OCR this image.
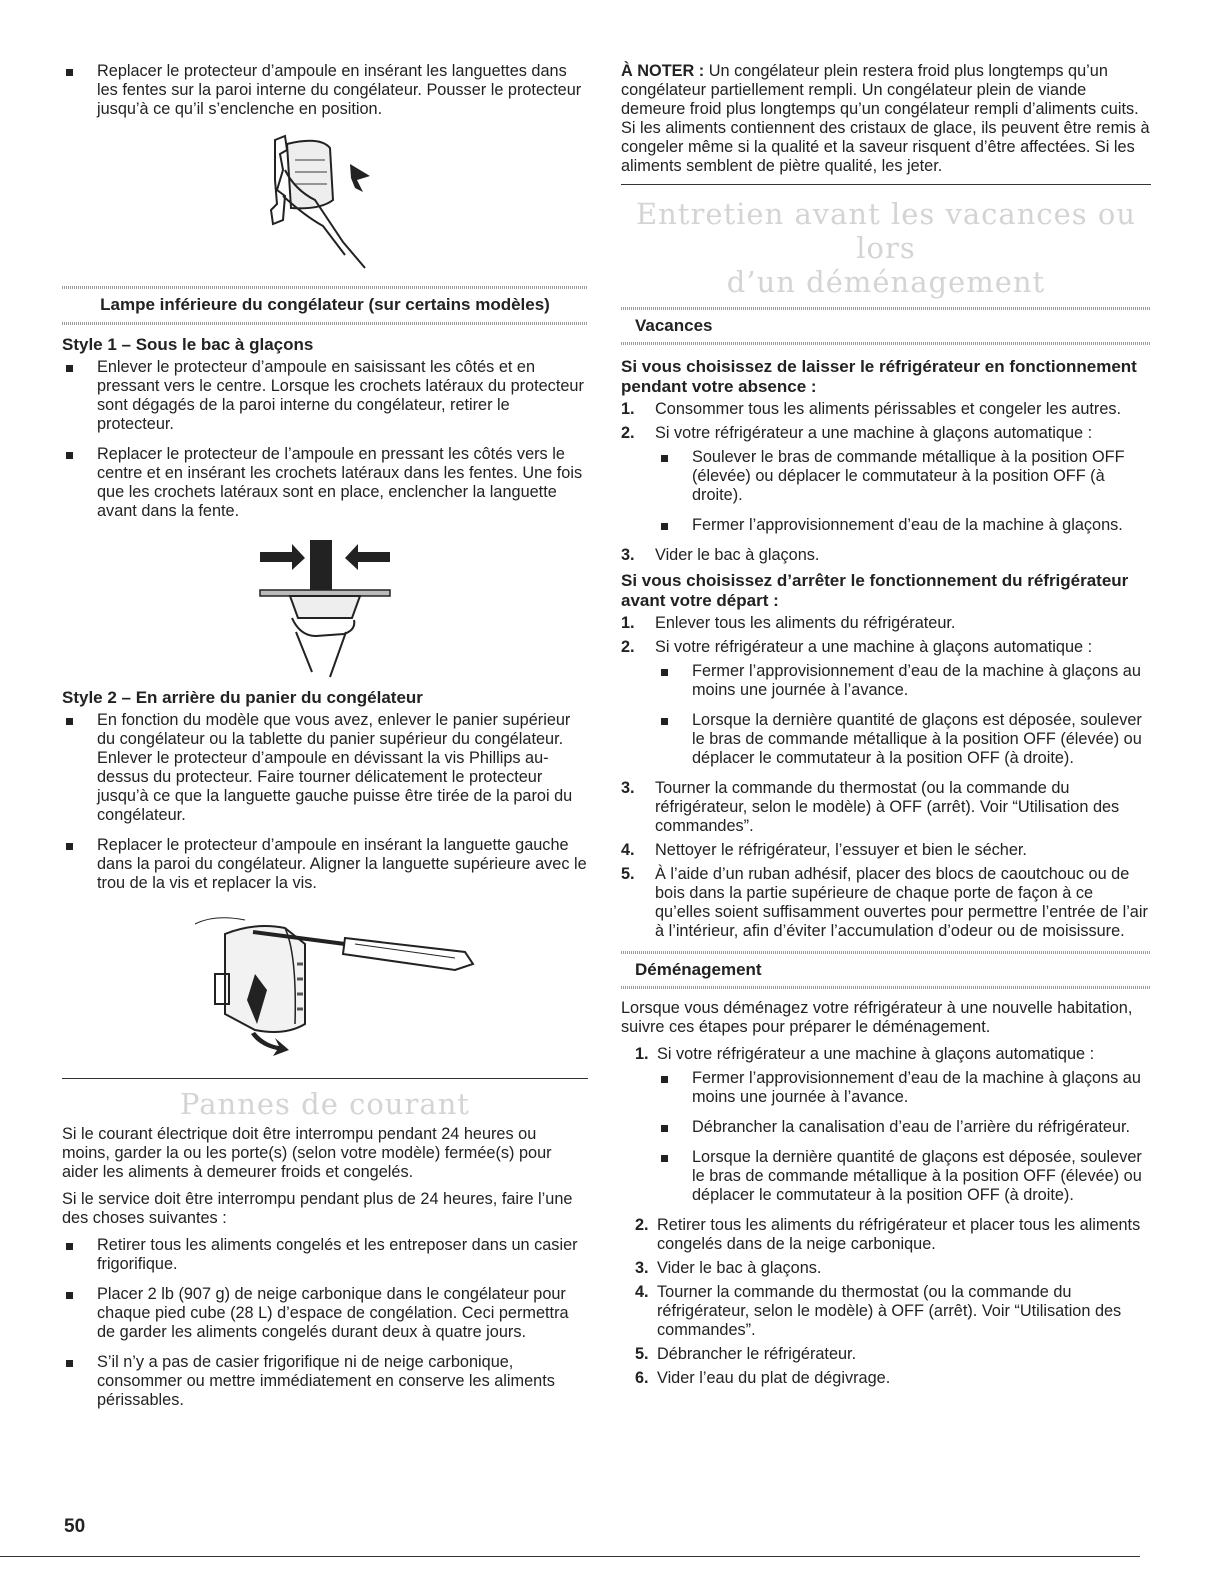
Replacer le protecteur d’ampoule en insérant les languettes dans les fentes sur la paroi interne du congélateur. Pousser le protecteur jusqu’à ce qu’il s’enclenche en position.
Lampe inférieure du congélateur (sur certains modèles)
Style 1 – Sous le bac à glaçons
Enlever le protecteur d’ampoule en saisissant les côtés et en pressant vers le centre. Lorsque les crochets latéraux du protecteur sont dégagés de la paroi interne du congélateur, retirer le protecteur.
Replacer le protecteur de l’ampoule en pressant les côtés vers le centre et en insérant les crochets latéraux dans les fentes. Une fois que les crochets latéraux sont en place, enclencher la languette avant dans la fente.
Style 2 – En arrière du panier du congélateur
En fonction du modèle que vous avez, enlever le panier supérieur du congélateur ou la tablette du panier supérieur du congélateur. Enlever le protecteur d’ampoule en dévissant la vis Phillips au-dessus du protecteur. Faire tourner délicatement le protecteur jusqu’à ce que la languette gauche puisse être tirée de la paroi du congélateur.
Replacer le protecteur d’ampoule en insérant la languette gauche dans la paroi du congélateur. Aligner la languette supérieure avec le trou de la vis et replacer la vis.
Pannes de courant

Si le courant électrique doit être interrompu pendant 24 heures ou moins, garder la ou les porte(s) (selon votre modèle) fermée(s) pour aider les aliments à demeurer froids et congelés.

Si le service doit être interrompu pendant plus de 24 heures, faire l’une des choses suivantes :

Retirer tous les aliments congelés et les entreposer dans un casier frigorifique.
Placer 2 lb (907 g) de neige carbonique dans le congélateur pour chaque pied cube (28 L) d’espace de congélation. Ceci permettra de garder les aliments congelés durant deux à quatre jours.
S’il n’y a pas de casier frigorifique ni de neige carbonique, consommer ou mettre immédiatement en conserve les aliments périssables.

À NOTER : Un congélateur plein restera froid plus longtemps qu’un congélateur partiellement rempli. Un congélateur plein de viande demeure froid plus longtemps qu’un congélateur rempli d’aliments cuits. Si les aliments contiennent des cristaux de glace, ils peuvent être remis à congeler même si la qualité et la saveur risquent d’être affectées. Si les aliments semblent de piètre qualité, les jeter.

Entretien avant les vacances ou lors
d’un déménagement
Vacances
Si vous choisissez de laisser le réfrigérateur en fonctionnement pendant votre absence :
1. Consommer tous les aliments périssables et congeler les autres.
2. Si votre réfrigérateur a une machine à glaçons automatique :
Soulever le bras de commande métallique à la position OFF (élevée) ou déplacer le commutateur à la position OFF (à droite).
Fermer l’approvisionnement d’eau de la machine à glaçons.
3. Vider le bac à glaçons.
Si vous choisissez d’arrêter le fonctionnement du réfrigérateur avant votre départ :
1. Enlever tous les aliments du réfrigérateur.
2. Si votre réfrigérateur a une machine à glaçons automatique :
Fermer l’approvisionnement d’eau de la machine à glaçons au moins une journée à l’avance.
Lorsque la dernière quantité de glaçons est déposée, soulever le bras de commande métallique à la position OFF (élevée) ou déplacer le commutateur à la position OFF (à droite).
3. Tourner la commande du thermostat (ou la commande du réfrigérateur, selon le modèle) à OFF (arrêt). Voir “Utilisation des commandes”.
4. Nettoyer le réfrigérateur, l’essuyer et bien le sécher.
5. À l’aide d’un ruban adhésif, placer des blocs de caoutchouc ou de bois dans la partie supérieure de chaque porte de façon à ce qu’elles soient suffisamment ouvertes pour permettre l’entrée de l’air à l’intérieur, afin d’éviter l’accumulation d’odeur ou de moisissure.
Déménagement

Lorsque vous déménagez votre réfrigérateur à une nouvelle habitation, suivre ces étapes pour préparer le déménagement.

1. Si votre réfrigérateur a une machine à glaçons automatique :
Fermer l’approvisionnement d’eau de la machine à glaçons au moins une journée à l’avance.
Débrancher la canalisation d’eau de l’arrière du réfrigérateur.
Lorsque la dernière quantité de glaçons est déposée, soulever le bras de commande métallique à la position OFF (élevée) ou déplacer le commutateur à la position OFF (à droite).
2. Retirer tous les aliments du réfrigérateur et placer tous les aliments congelés dans de la neige carbonique.
3. Vider le bac à glaçons.
4. Tourner la commande du thermostat (ou la commande du réfrigérateur, selon le modèle) à OFF (arrêt). Voir “Utilisation des commandes”.
5. Débrancher le réfrigérateur.
6. Vider l’eau du plat de dégivrage.
50
